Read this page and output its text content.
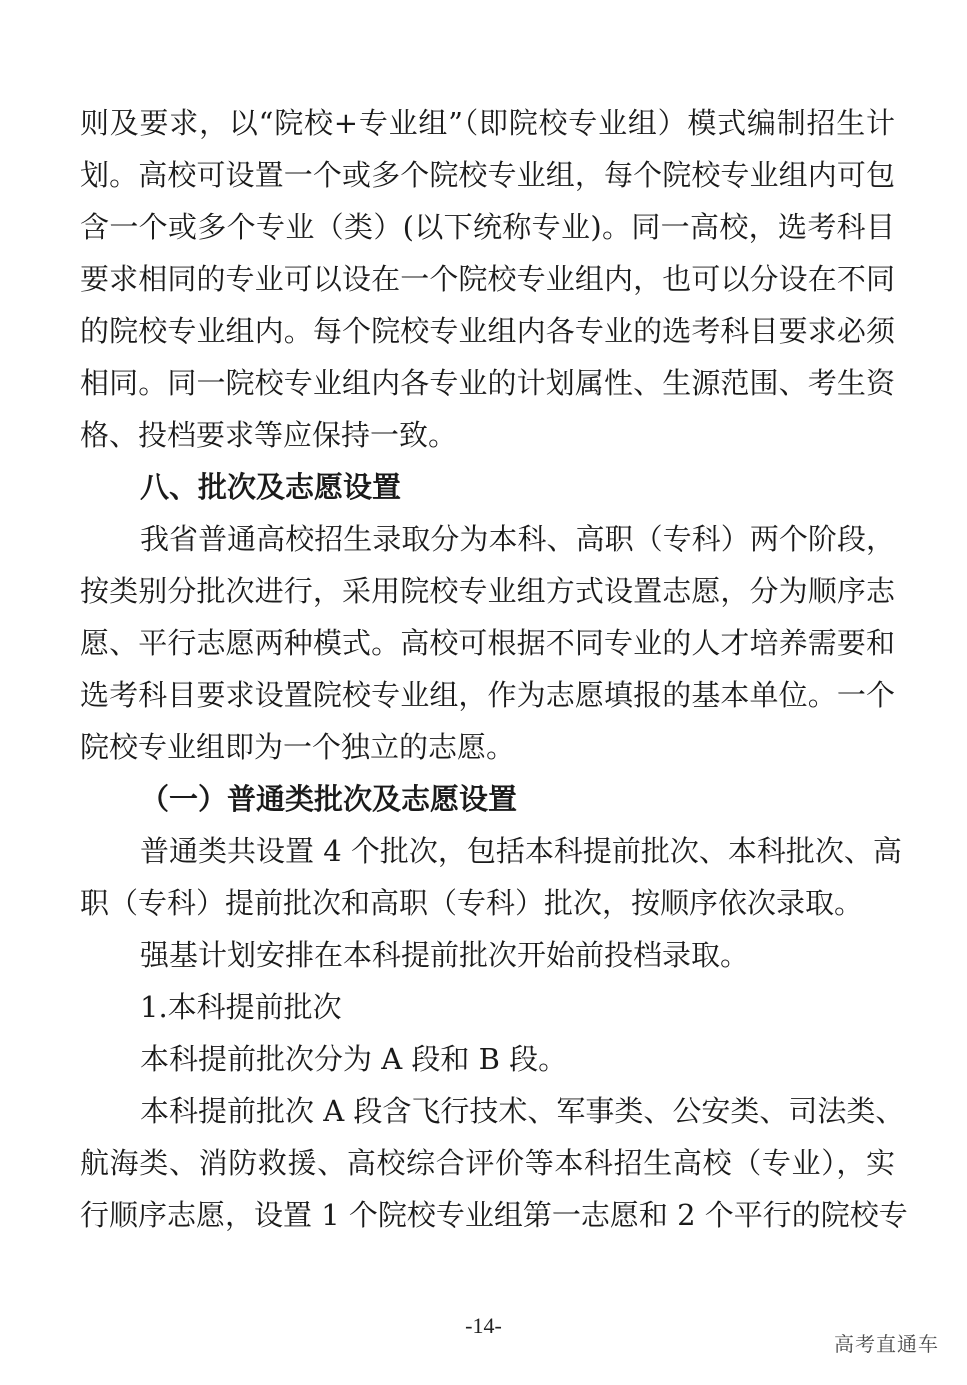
则及要求，以“院校+专业组”（即院校专业组）模式编制招生计
划。高校可设置一个或多个院校专业组，每个院校专业组内可包
含一个或多个专业（类）(以下统称专业)。同一高校，选考科目
要求相同的专业可以设在一个院校专业组内，也可以分设在不同
的院校专业组内。每个院校专业组内各专业的选考科目要求必须
相同。同一院校专业组内各专业的计划属性、生源范围、考生资
格、投档要求等应保持一致。
八、批次及志愿设置
我省普通高校招生录取分为本科、高职（专科）两个阶段，
按类别分批次进行，采用院校专业组方式设置志愿，分为顺序志
愿、平行志愿两种模式。高校可根据不同专业的人才培养需要和
选考科目要求设置院校专业组，作为志愿填报的基本单位。一个
院校专业组即为一个独立的志愿。
（一）普通类批次及志愿设置
普通类共设置 4 个批次，包括本科提前批次、本科批次、高
职（专科）提前批次和高职（专科）批次，按顺序依次录取。
强基计划安排在本科提前批次开始前投档录取。
1.本科提前批次
本科提前批次分为 A 段和 B 段。
本科提前批次 A 段含飞行技术、军事类、公安类、司法类、
航海类、消防救援、高校综合评价等本科招生高校（专业），实
行顺序志愿，设置 1 个院校专业组第一志愿和 2 个平行的院校专
-14-
高考直通车
